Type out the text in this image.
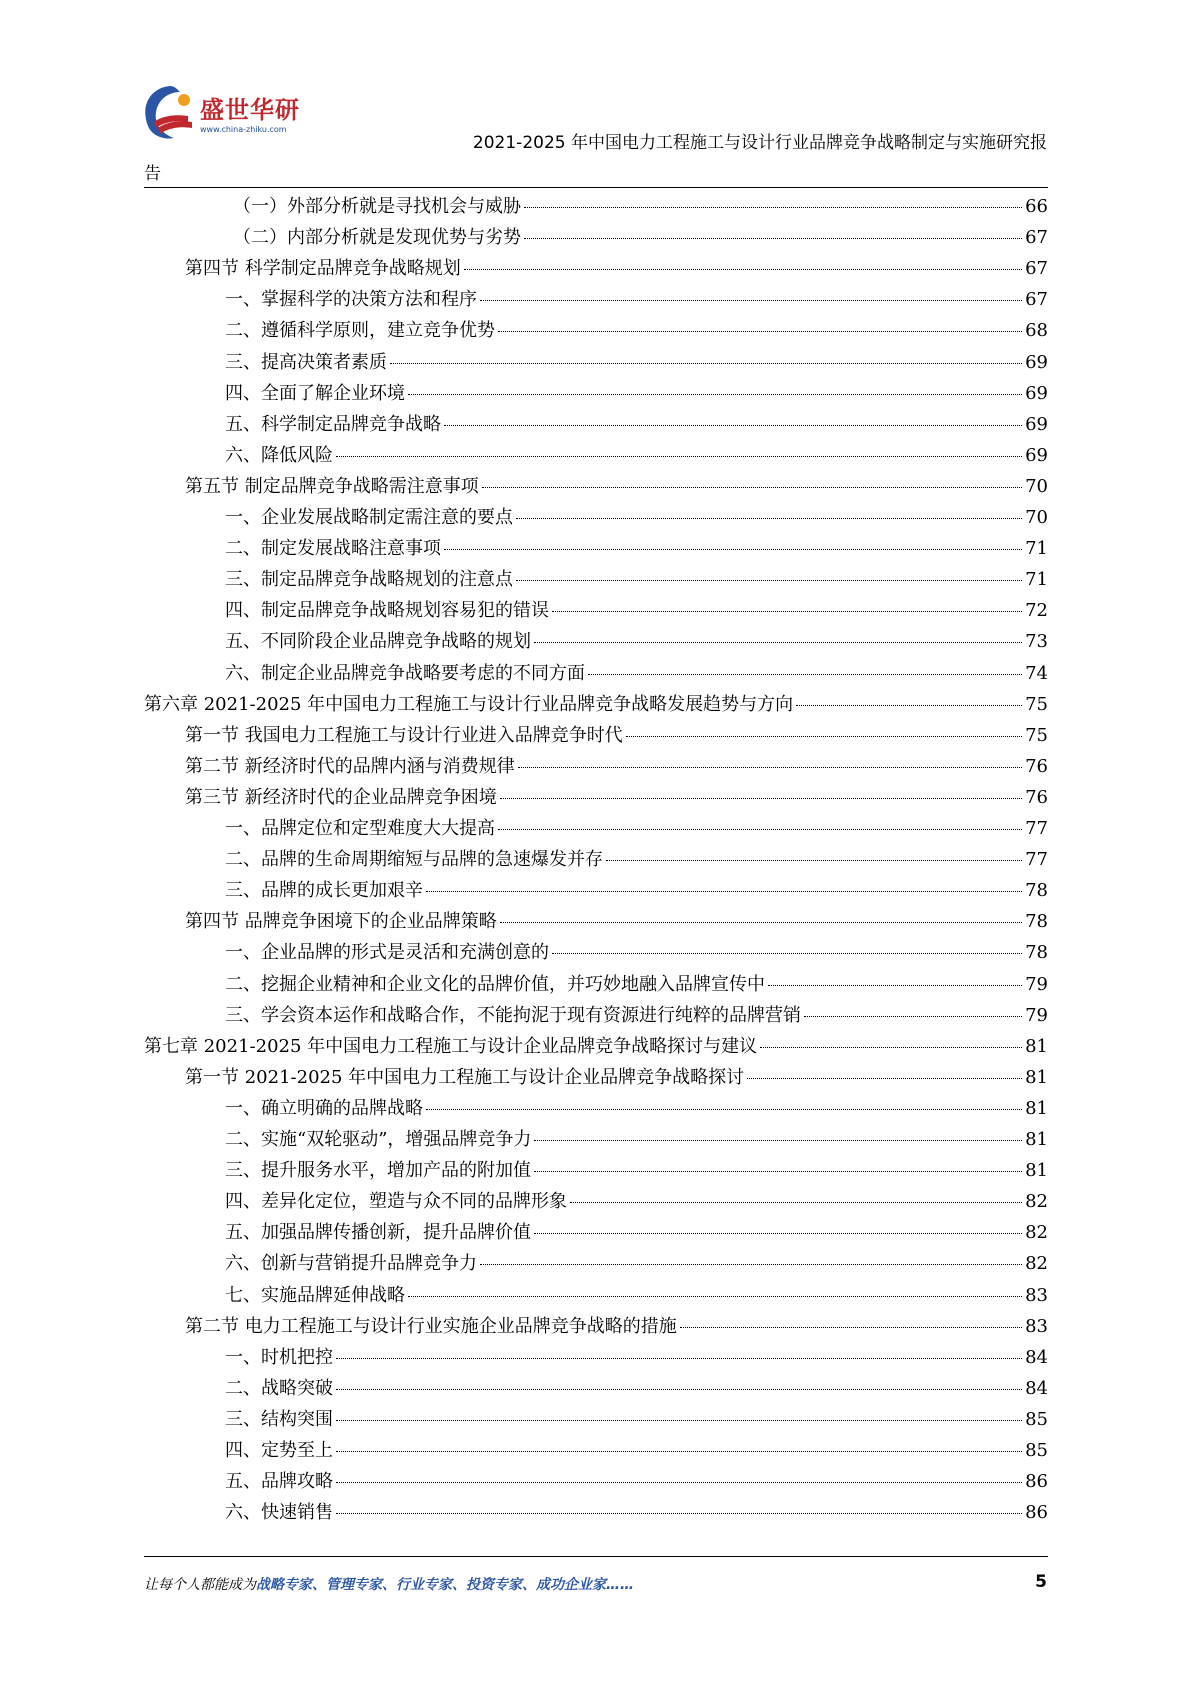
盛世华研
www.china-zhiku.com
2021-2025 年中国电力工程施工与设计行业品牌竞争战略制定与实施研究报
告
（一）外部分析就是寻找机会与威胁	66
（二）内部分析就是发现优势与劣势	67
第四节 科学制定品牌竞争战略规划	67
一、掌握科学的决策方法和程序	67
二、遵循科学原则，建立竞争优势	68
三、提高决策者素质	69
四、全面了解企业环境	69
五、科学制定品牌竞争战略	69
六、降低风险	69
第五节 制定品牌竞争战略需注意事项	70
一、企业发展战略制定需注意的要点	70
二、制定发展战略注意事项	71
三、制定品牌竞争战略规划的注意点	71
四、制定品牌竞争战略规划容易犯的错误	72
五、不同阶段企业品牌竞争战略的规划	73
六、制定企业品牌竞争战略要考虑的不同方面	74
第六章 2021-2025 年中国电力工程施工与设计行业品牌竞争战略发展趋势与方向	75
第一节 我国电力工程施工与设计行业进入品牌竞争时代	75
第二节 新经济时代的品牌内涵与消费规律	76
第三节 新经济时代的企业品牌竞争困境	76
一、品牌定位和定型难度大大提高	77
二、品牌的生命周期缩短与品牌的急速爆发并存	77
三、品牌的成长更加艰辛	78
第四节 品牌竞争困境下的企业品牌策略	78
一、企业品牌的形式是灵活和充满创意的	78
二、挖掘企业精神和企业文化的品牌价值，并巧妙地融入品牌宣传中	79
三、学会资本运作和战略合作，不能拘泥于现有资源进行纯粹的品牌营销	79
第七章 2021-2025 年中国电力工程施工与设计企业品牌竞争战略探讨与建议	81
第一节 2021-2025 年中国电力工程施工与设计企业品牌竞争战略探讨	81
一、确立明确的品牌战略	81
二、实施“双轮驱动”，增强品牌竞争力	81
三、提升服务水平，增加产品的附加值	81
四、差异化定位，塑造与众不同的品牌形象	82
五、加强品牌传播创新，提升品牌价值	82
六、创新与营销提升品牌竞争力	82
七、实施品牌延伸战略	83
第二节 电力工程施工与设计行业实施企业品牌竞争战略的措施	83
一、时机把控	84
二、战略突破	84
三、结构突围	85
四、定势至上	85
五、品牌攻略	86
六、快速销售	86
让每个人都能成为战略专家、管理专家、行业专家、投资专家、成功企业家……	5
